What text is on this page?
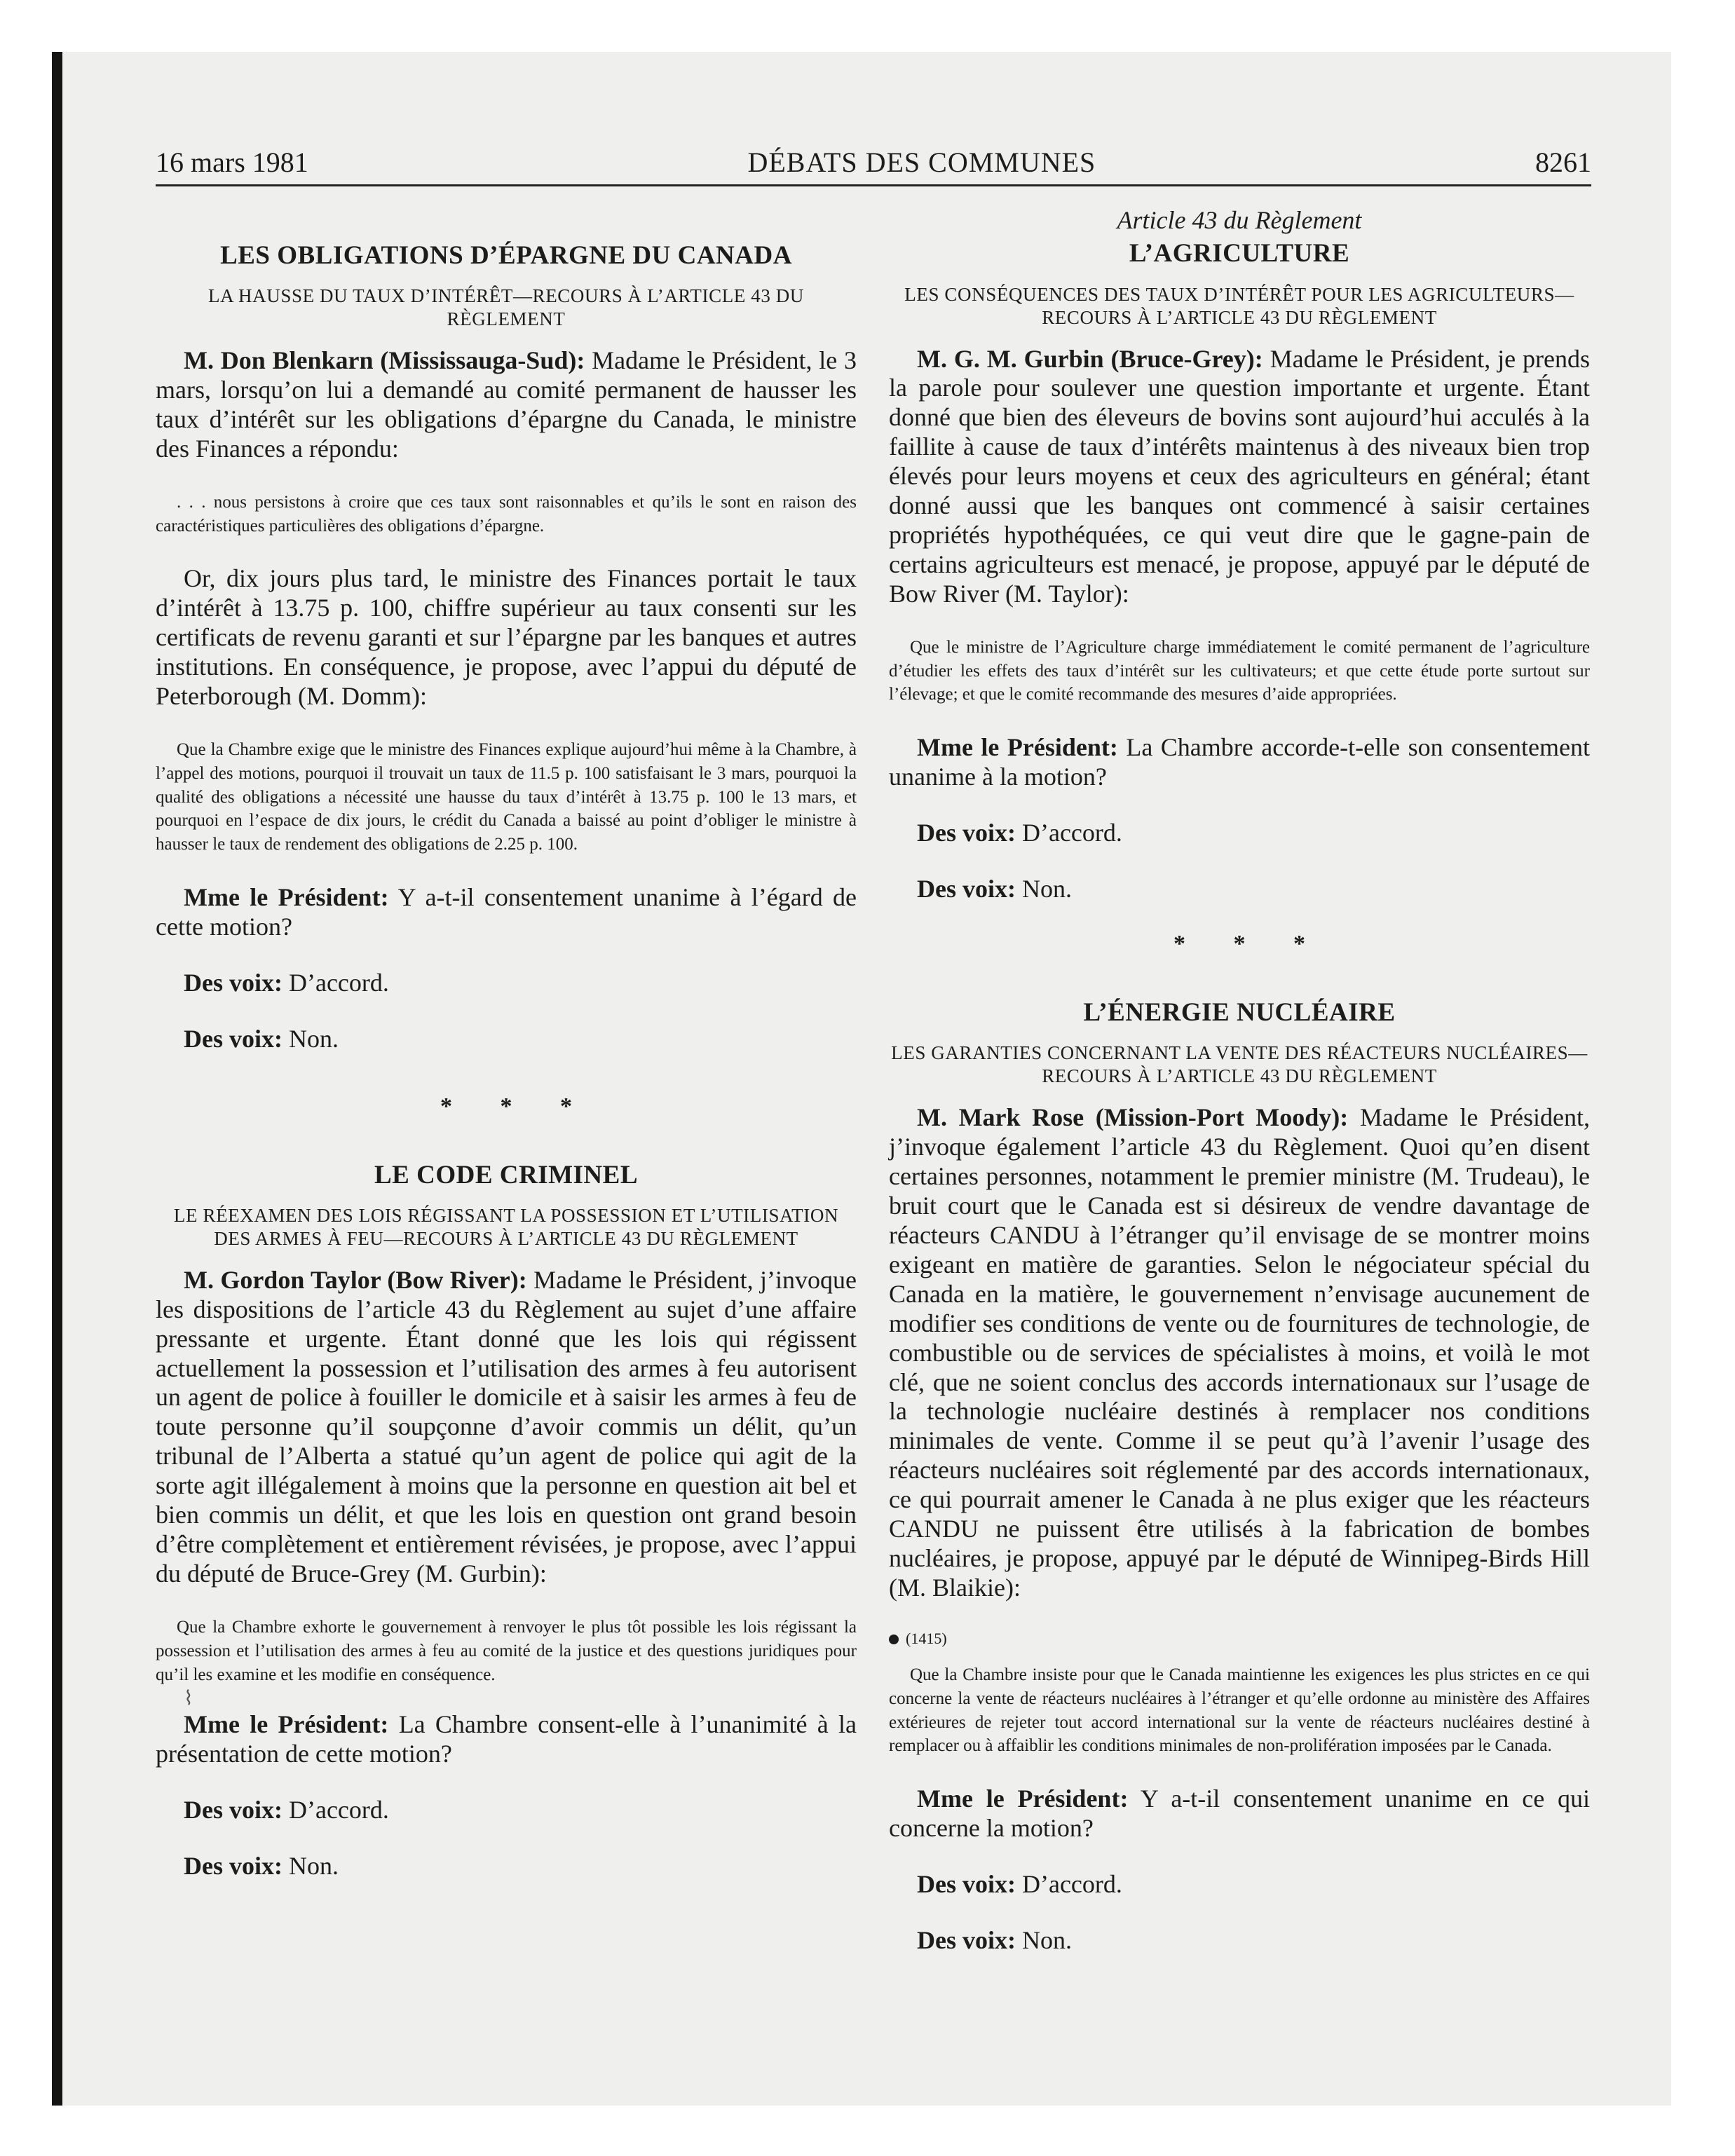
16 mars 1981	DÉBATS DES COMMUNES	8261
LES OBLIGATIONS D’ÉPARGNE DU CANADA
LA HAUSSE DU TAUX D’INTÉRÊT—RECOURS À L’ARTICLE 43 DU RÈGLEMENT

M. Don Blenkarn (Mississauga-Sud): Madame le Président, le 3 mars, lorsqu’on lui a demandé au comité permanent de hausser les taux d’intérêt sur les obligations d’épargne du Canada, le ministre des Finances a répondu:

. . . nous persistons à croire que ces taux sont raisonnables et qu’ils le sont en raison des caractéristiques particulières des obligations d’épargne.

Or, dix jours plus tard, le ministre des Finances portait le taux d’intérêt à 13.75 p. 100, chiffre supérieur au taux consenti sur les certificats de revenu garanti et sur l’épargne par les banques et autres institutions. En conséquence, je propose, avec l’appui du député de Peterborough (M. Domm):

Que la Chambre exige que le ministre des Finances explique aujourd’hui même à la Chambre, à l’appel des motions, pourquoi il trouvait un taux de 11.5 p. 100 satisfaisant le 3 mars, pourquoi la qualité des obligations a nécessité une hausse du taux d’intérêt à 13.75 p. 100 le 13 mars, et pourquoi en l’espace de dix jours, le crédit du Canada a baissé au point d’obliger le ministre à hausser le taux de rendement des obligations de 2.25 p. 100.

Mme le Président: Y a-t-il consentement unanime à l’égard de cette motion?

Des voix: D’accord.

Des voix: Non.

* * *
LE CODE CRIMINEL
LE RÉEXAMEN DES LOIS RÉGISSANT LA POSSESSION ET L’UTILISATION DES ARMES À FEU—RECOURS À L’ARTICLE 43 DU RÈGLEMENT

M. Gordon Taylor (Bow River): Madame le Président, j’invoque les dispositions de l’article 43 du Règlement au sujet d’une affaire pressante et urgente. Étant donné que les lois qui régissent actuellement la possession et l’utilisation des armes à feu autorisent un agent de police à fouiller le domicile et à saisir les armes à feu de toute personne qu’il soupçonne d’avoir commis un délit, qu’un tribunal de l’Alberta a statué qu’un agent de police qui agit de la sorte agit illégalement à moins que la personne en question ait bel et bien commis un délit, et que les lois en question ont grand besoin d’être complètement et entièrement révisées, je propose, avec l’appui du député de Bruce-Grey (M. Gurbin):

Que la Chambre exhorte le gouvernement à renvoyer le plus tôt possible les lois régissant la possession et l’utilisation des armes à feu au comité de la justice et des questions juridiques pour qu’il les examine et les modifie en conséquence.

⌇

Mme le Président: La Chambre consent-elle à l’unanimité à la présentation de cette motion?

Des voix: D’accord.

Des voix: Non.

Article 43 du Règlement
L’AGRICULTURE
LES CONSÉQUENCES DES TAUX D’INTÉRÊT POUR LES AGRICULTEURS—RECOURS À L’ARTICLE 43 DU RÈGLEMENT

M. G. M. Gurbin (Bruce-Grey): Madame le Président, je prends la parole pour soulever une question importante et urgente. Étant donné que bien des éleveurs de bovins sont aujourd’hui acculés à la faillite à cause de taux d’intérêts maintenus à des niveaux bien trop élevés pour leurs moyens et ceux des agriculteurs en général; étant donné aussi que les banques ont commencé à saisir certaines propriétés hypothéquées, ce qui veut dire que le gagne-pain de certains agriculteurs est menacé, je propose, appuyé par le député de Bow River (M. Taylor):

Que le ministre de l’Agriculture charge immédiatement le comité permanent de l’agriculture d’étudier les effets des taux d’intérêt sur les cultivateurs; et que cette étude porte surtout sur l’élevage; et que le comité recommande des mesures d’aide appropriées.

Mme le Président: La Chambre accorde-t-elle son consentement unanime à la motion?

Des voix: D’accord.

Des voix: Non.

* * *
L’ÉNERGIE NUCLÉAIRE
LES GARANTIES CONCERNANT LA VENTE DES RÉACTEURS NUCLÉAIRES—RECOURS À L’ARTICLE 43 DU RÈGLEMENT

M. Mark Rose (Mission-Port Moody): Madame le Président, j’invoque également l’article 43 du Règlement. Quoi qu’en disent certaines personnes, notamment le premier ministre (M. Trudeau), le bruit court que le Canada est si désireux de vendre davantage de réacteurs CANDU à l’étranger qu’il envisage de se montrer moins exigeant en matière de garanties. Selon le négociateur spécial du Canada en la matière, le gouvernement n’envisage aucunement de modifier ses conditions de vente ou de fournitures de technologie, de combustible ou de services de spécialistes à moins, et voilà le mot clé, que ne soient conclus des accords internationaux sur l’usage de la technologie nucléaire destinés à remplacer nos conditions minimales de vente. Comme il se peut qu’à l’avenir l’usage des réacteurs nucléaires soit réglementé par des accords internationaux, ce qui pourrait amener le Canada à ne plus exiger que les réacteurs CANDU ne puissent être utilisés à la fabrication de bombes nucléaires, je propose, appuyé par le député de Winnipeg-Birds Hill (M. Blaikie):

(1415)

Que la Chambre insiste pour que le Canada maintienne les exigences les plus strictes en ce qui concerne la vente de réacteurs nucléaires à l’étranger et qu’elle ordonne au ministère des Affaires extérieures de rejeter tout accord international sur la vente de réacteurs nucléaires destiné à remplacer ou à affaiblir les conditions minimales de non-prolifération imposées par le Canada.

Mme le Président: Y a-t-il consentement unanime en ce qui concerne la motion?

Des voix: D’accord.

Des voix: Non.
